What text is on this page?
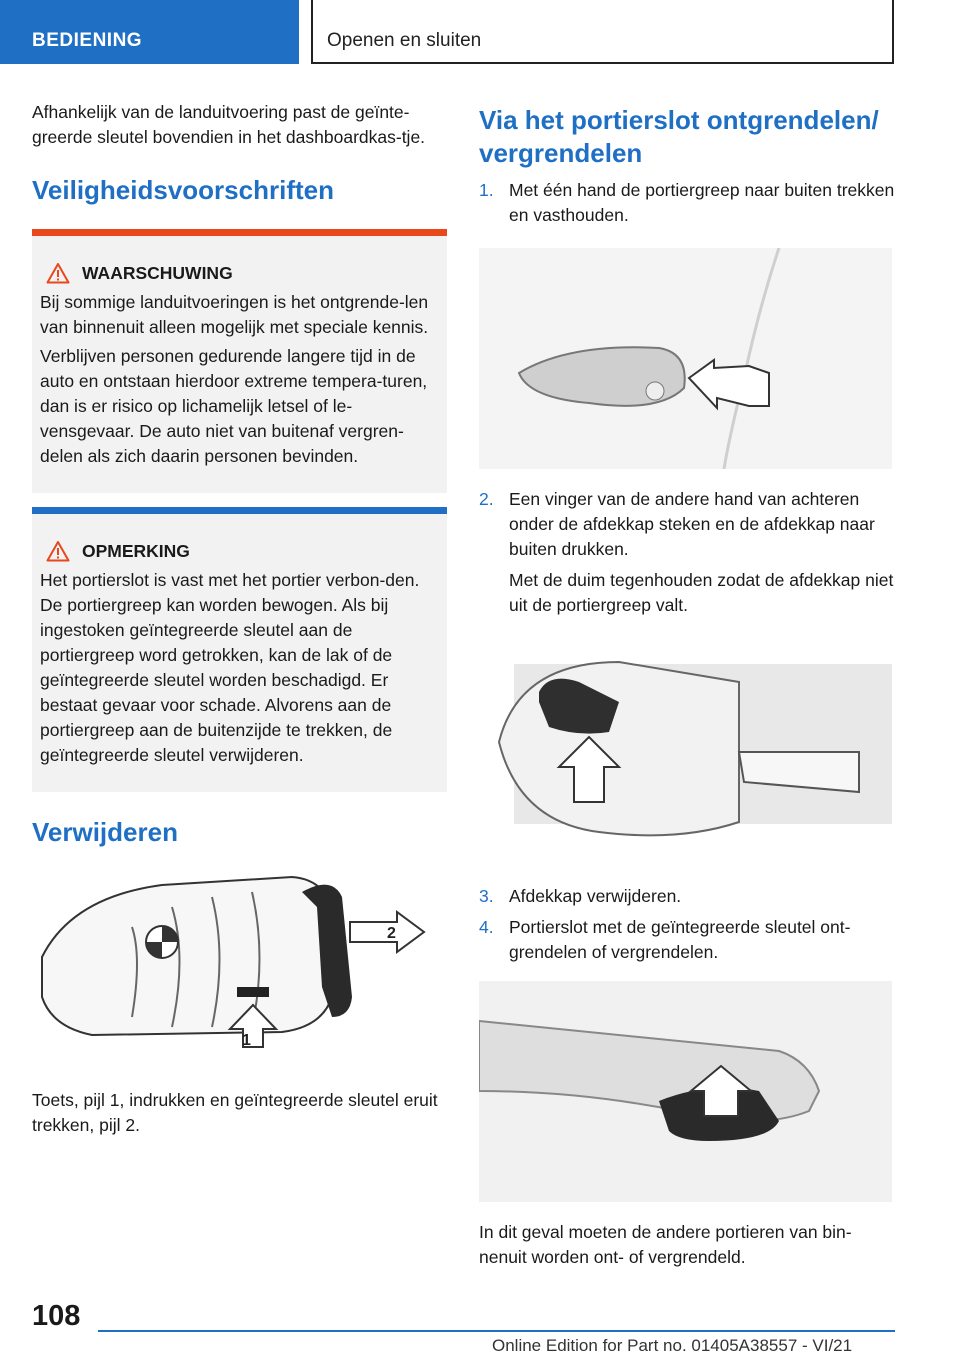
BEDIENING	Openen en sluiten

Afhankelijk van de landuitvoering past de geïnte-greerde sleutel bovendien in het dashboardkas-tje.

Veiligheidsvoorschriften
WAARSCHUWING

Bij sommige landuitvoeringen is het ontgrende-len van binnenuit alleen mogelijk met speciale kennis.

Verblijven personen gedurende langere tijd in de auto en ontstaan hierdoor extreme tempera-turen, dan is er risico op lichamelijk letsel of le-vensgevaar. De auto niet van buitenaf vergren-delen als zich daarin personen bevinden.

OPMERKING

Het portierslot is vast met het portier verbon-den. De portiergreep kan worden bewogen. Als bij ingestoken geïntegreerde sleutel aan de portiergreep word getrokken, kan de lak of de geïntegreerde sleutel worden beschadigd. Er bestaat gevaar voor schade. Alvorens aan de portiergreep aan de buitenzijde te trekken, de geïntegreerde sleutel verwijderen.

Verwijderen
1
2

Toets, pijl 1, indrukken en geïntegreerde sleutel eruit trekken, pijl 2.

Via het portierslot ontgrendelen/ vergrendelen
1. Met één hand de portiergreep naar buiten trekken en vasthouden.
2. Een vinger van de andere hand van achteren onder de afdekkap steken en de afdekkap naar buiten drukken.

Met de duim tegenhouden zodat de afdekkap niet uit de portiergreep valt.

3. Afdekkap verwijderen.
4. Portierslot met de geïntegreerde sleutel ont-grendelen of vergrendelen.

In dit geval moeten de andere portieren van bin-nenuit worden ont- of vergrendeld.

108
Online Edition for Part no. 01405A38557 - VI/21
